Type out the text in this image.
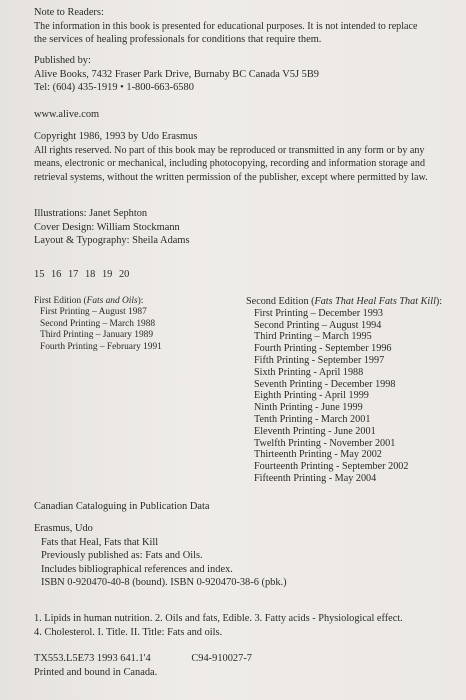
Note to Readers:

The information in this book is presented for educational purposes. It is not intended to replace

the services of healing professionals for conditions that require them.

Published by:

Alive Books, 7432 Fraser Park Drive, Burnaby BC Canada V5J 5B9

Tel: (604) 435-1919 • 1-800-663-6580

www.alive.com

Copyright 1986, 1993 by Udo Erasmus

All rights reserved. No part of this book may be reproduced or transmitted in any form or by any

means, electronic or mechanical, including photocopying, recording and information storage and

retrieval systems, without the written permission of the publisher, except where permitted by law.

Illustrations: Janet Sephton

Cover Design: William Stockmann

Layout & Typography: Sheila Adams

15 16 17 18 19 20

First Edition (Fats and Oils):

First Printing – August 1987

Second Printing – March 1988

Third Printing – January 1989

Fourth Printing – February 1991

Second Edition (Fats That Heal Fats That Kill):

First Printing – December 1993

Second Printing – August 1994

Third Printing – March 1995

Fourth Printing - September 1996

Fifth Printing - September 1997

Sixth Printing - April 1988

Seventh Printing - December 1998

Eighth Printing - April 1999

Ninth Printing - June 1999

Tenth Printing - March 2001

Eleventh Printing - June 2001

Twelfth Printing - November 2001

Thirteenth Printing - May 2002

Fourteenth Printing - September 2002

Fifteenth Printing - May 2004

Canadian Cataloguing in Publication Data

Erasmus, Udo

Fats that Heal, Fats that Kill

Previously published as: Fats and Oils.

Includes bibliographical references and index.

ISBN 0-920470-40-8 (bound). ISBN 0-920470-38-6 (pbk.)

1. Lipids in human nutrition. 2. Oils and fats, Edible. 3. Fatty acids - Physiological effect.

4. Cholesterol. I. Title. II. Title: Fats and oils.

TX553.L5E73 1993 641.1'4	C94-910027-7
Printed and bound in Canada.
